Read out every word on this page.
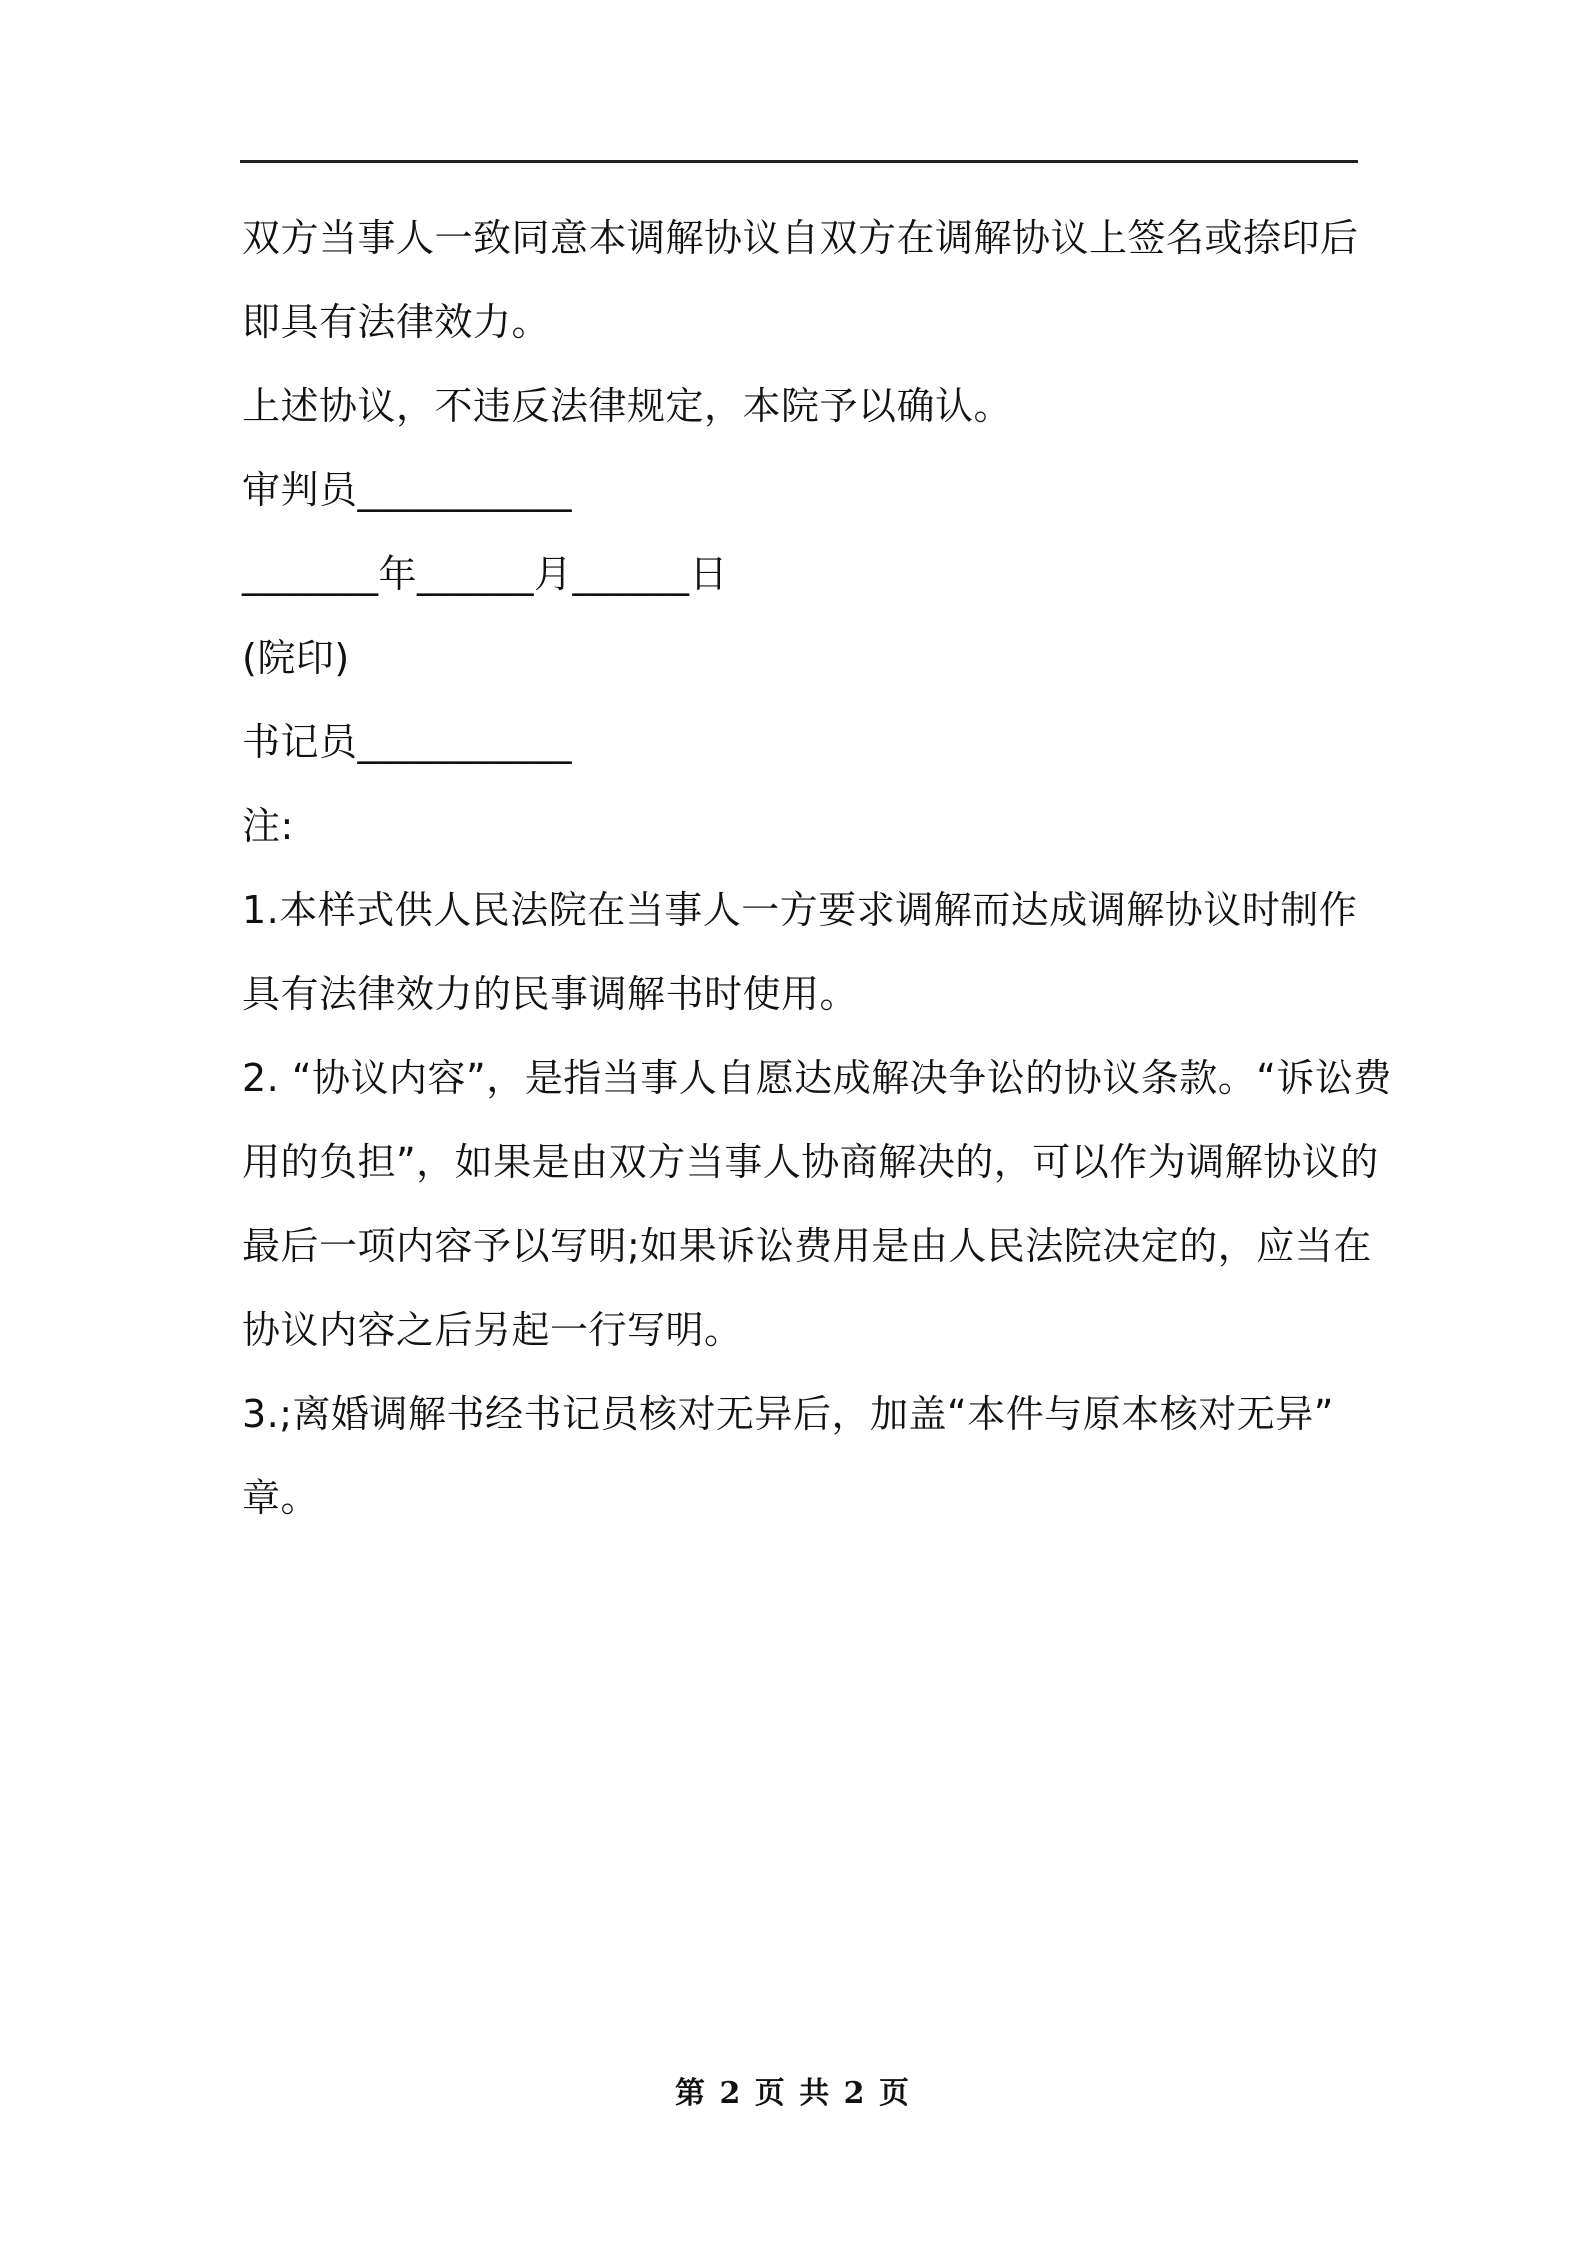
双方当事人一致同意本调解协议自双方在调解协议上签名或捺印后
即具有法律效力。
上述协议，不违反法律规定，本院予以确认。
审判员___________
_______年______月______日
(院印)
书记员___________
注:
1.本样式供人民法院在当事人一方要求调解而达成调解协议时制作
具有法律效力的民事调解书时使用。
2. “协议内容”，是指当事人自愿达成解决争讼的协议条款。“诉讼费
用的负担”，如果是由双方当事人协商解决的，可以作为调解协议的
最后一项内容予以写明;如果诉讼费用是由人民法院决定的，应当在
协议内容之后另起一行写明。
3.;离婚调解书经书记员核对无异后，加盖“本件与原本核对无异”
章。
第 2 页 共 2 页
